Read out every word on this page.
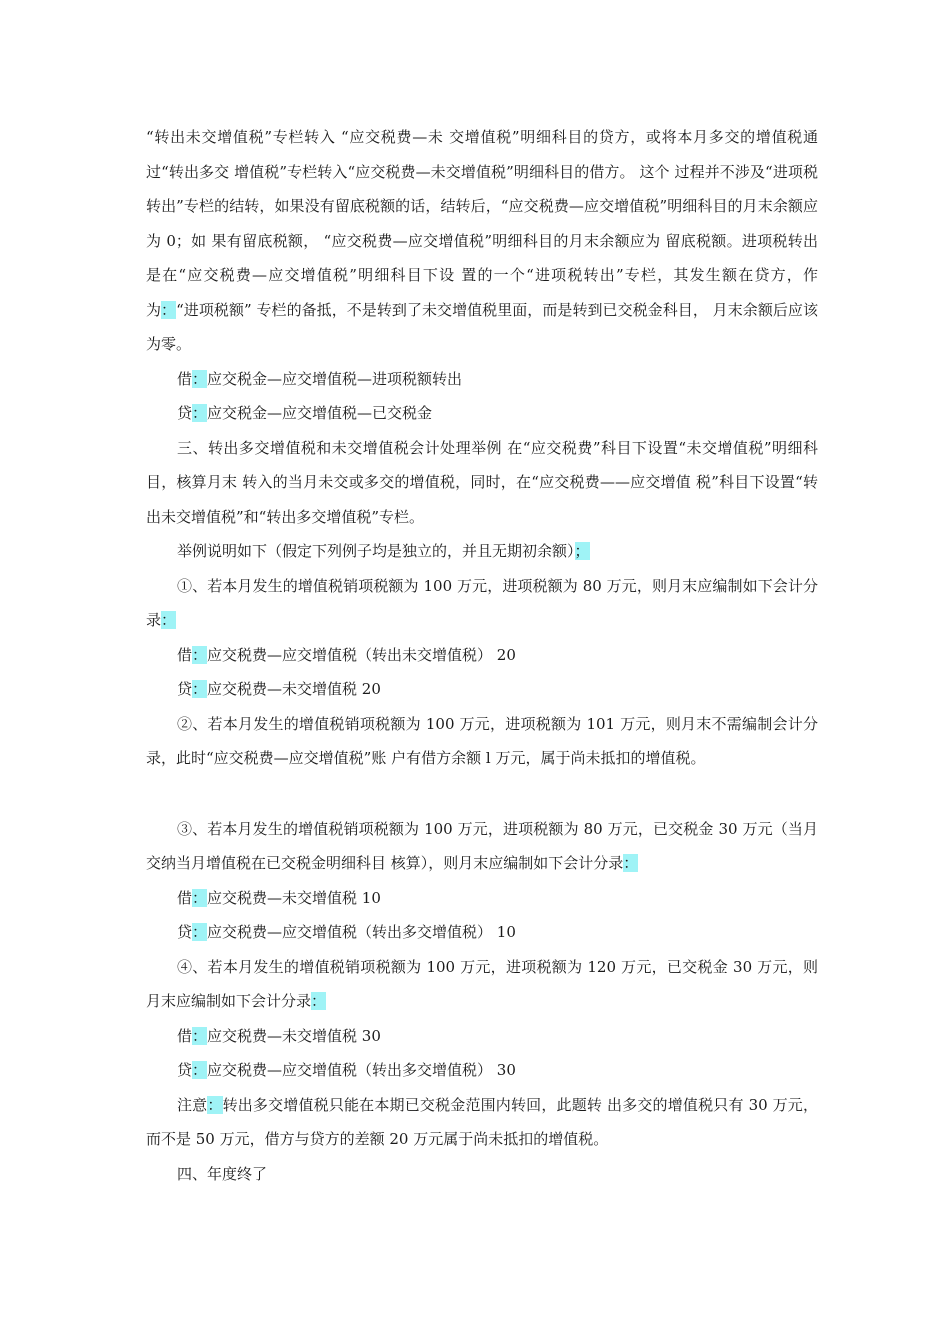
“转出未交增值税”专栏转入 “应交税费—未 交增值税”明细科目的贷方，或将本月多交的增值税通过“转出多交 增值税”专栏转入“应交税费—未交增值税”明细科目的借方。 这个 过程并不涉及“进项税转出”专栏的结转，如果没有留底税额的话，结转后，“应交税费—应交增值税”明细科目的月末余额应为 0；如 果有留底税额， “应交税费—应交增值税”明细科目的月末余额应为 留底税额。进项税转出是在“应交税费—应交增值税”明细科目下设 置的一个“进项税转出”专栏，其发生额在贷方，作为：“进项税额” 专栏的备抵，不是转到了未交增值税里面，而是转到已交税金科目， 月末余额后应该为零。

借：应交税金—应交增值税—进项税额转出

贷：应交税金—应交增值税—已交税金

三、转出多交增值税和未交增值税会计处理举例 在“应交税费”科目下设置“未交增值税”明细科目，核算月末 转入的当月未交或多交的增值税，同时，在“应交税费——应交增值 税”科目下设置“转出未交增值税”和“转出多交增值税”专栏。

举例说明如下（假定下列例子均是独立的，并且无期初余额）；

①、若本月发生的增值税销项税额为 100 万元，进项税额为 80 万元，则月末应编制如下会计分录：

借：应交税费—应交增值税（转出未交增值税） 20

贷：应交税费—未交增值税 20

②、若本月发生的增值税销项税额为 100 万元，进项税额为 101 万元，则月末不需编制会计分录，此时“应交税费—应交增值税”账 户有借方余额 l 万元，属于尚未抵扣的增值税。

③、若本月发生的增值税销项税额为 100 万元，进项税额为 80 万元，已交税金 30 万元（当月交纳当月增值税在已交税金明细科目 核算），则月末应编制如下会计分录：

借：应交税费—未交增值税 10

贷：应交税费—应交增值税（转出多交增值税） 10

④、若本月发生的增值税销项税额为 100 万元，进项税额为 120 万元，已交税金 30 万元，则月末应编制如下会计分录：

借：应交税费—未交增值税 30

贷：应交税费—应交增值税（转出多交增值税） 30

注意：转出多交增值税只能在本期已交税金范围内转回，此题转 出多交的增值税只有 30 万元，而不是 50 万元，借方与贷方的差额 20 万元属于尚未抵扣的增值税。

四、年度终了
